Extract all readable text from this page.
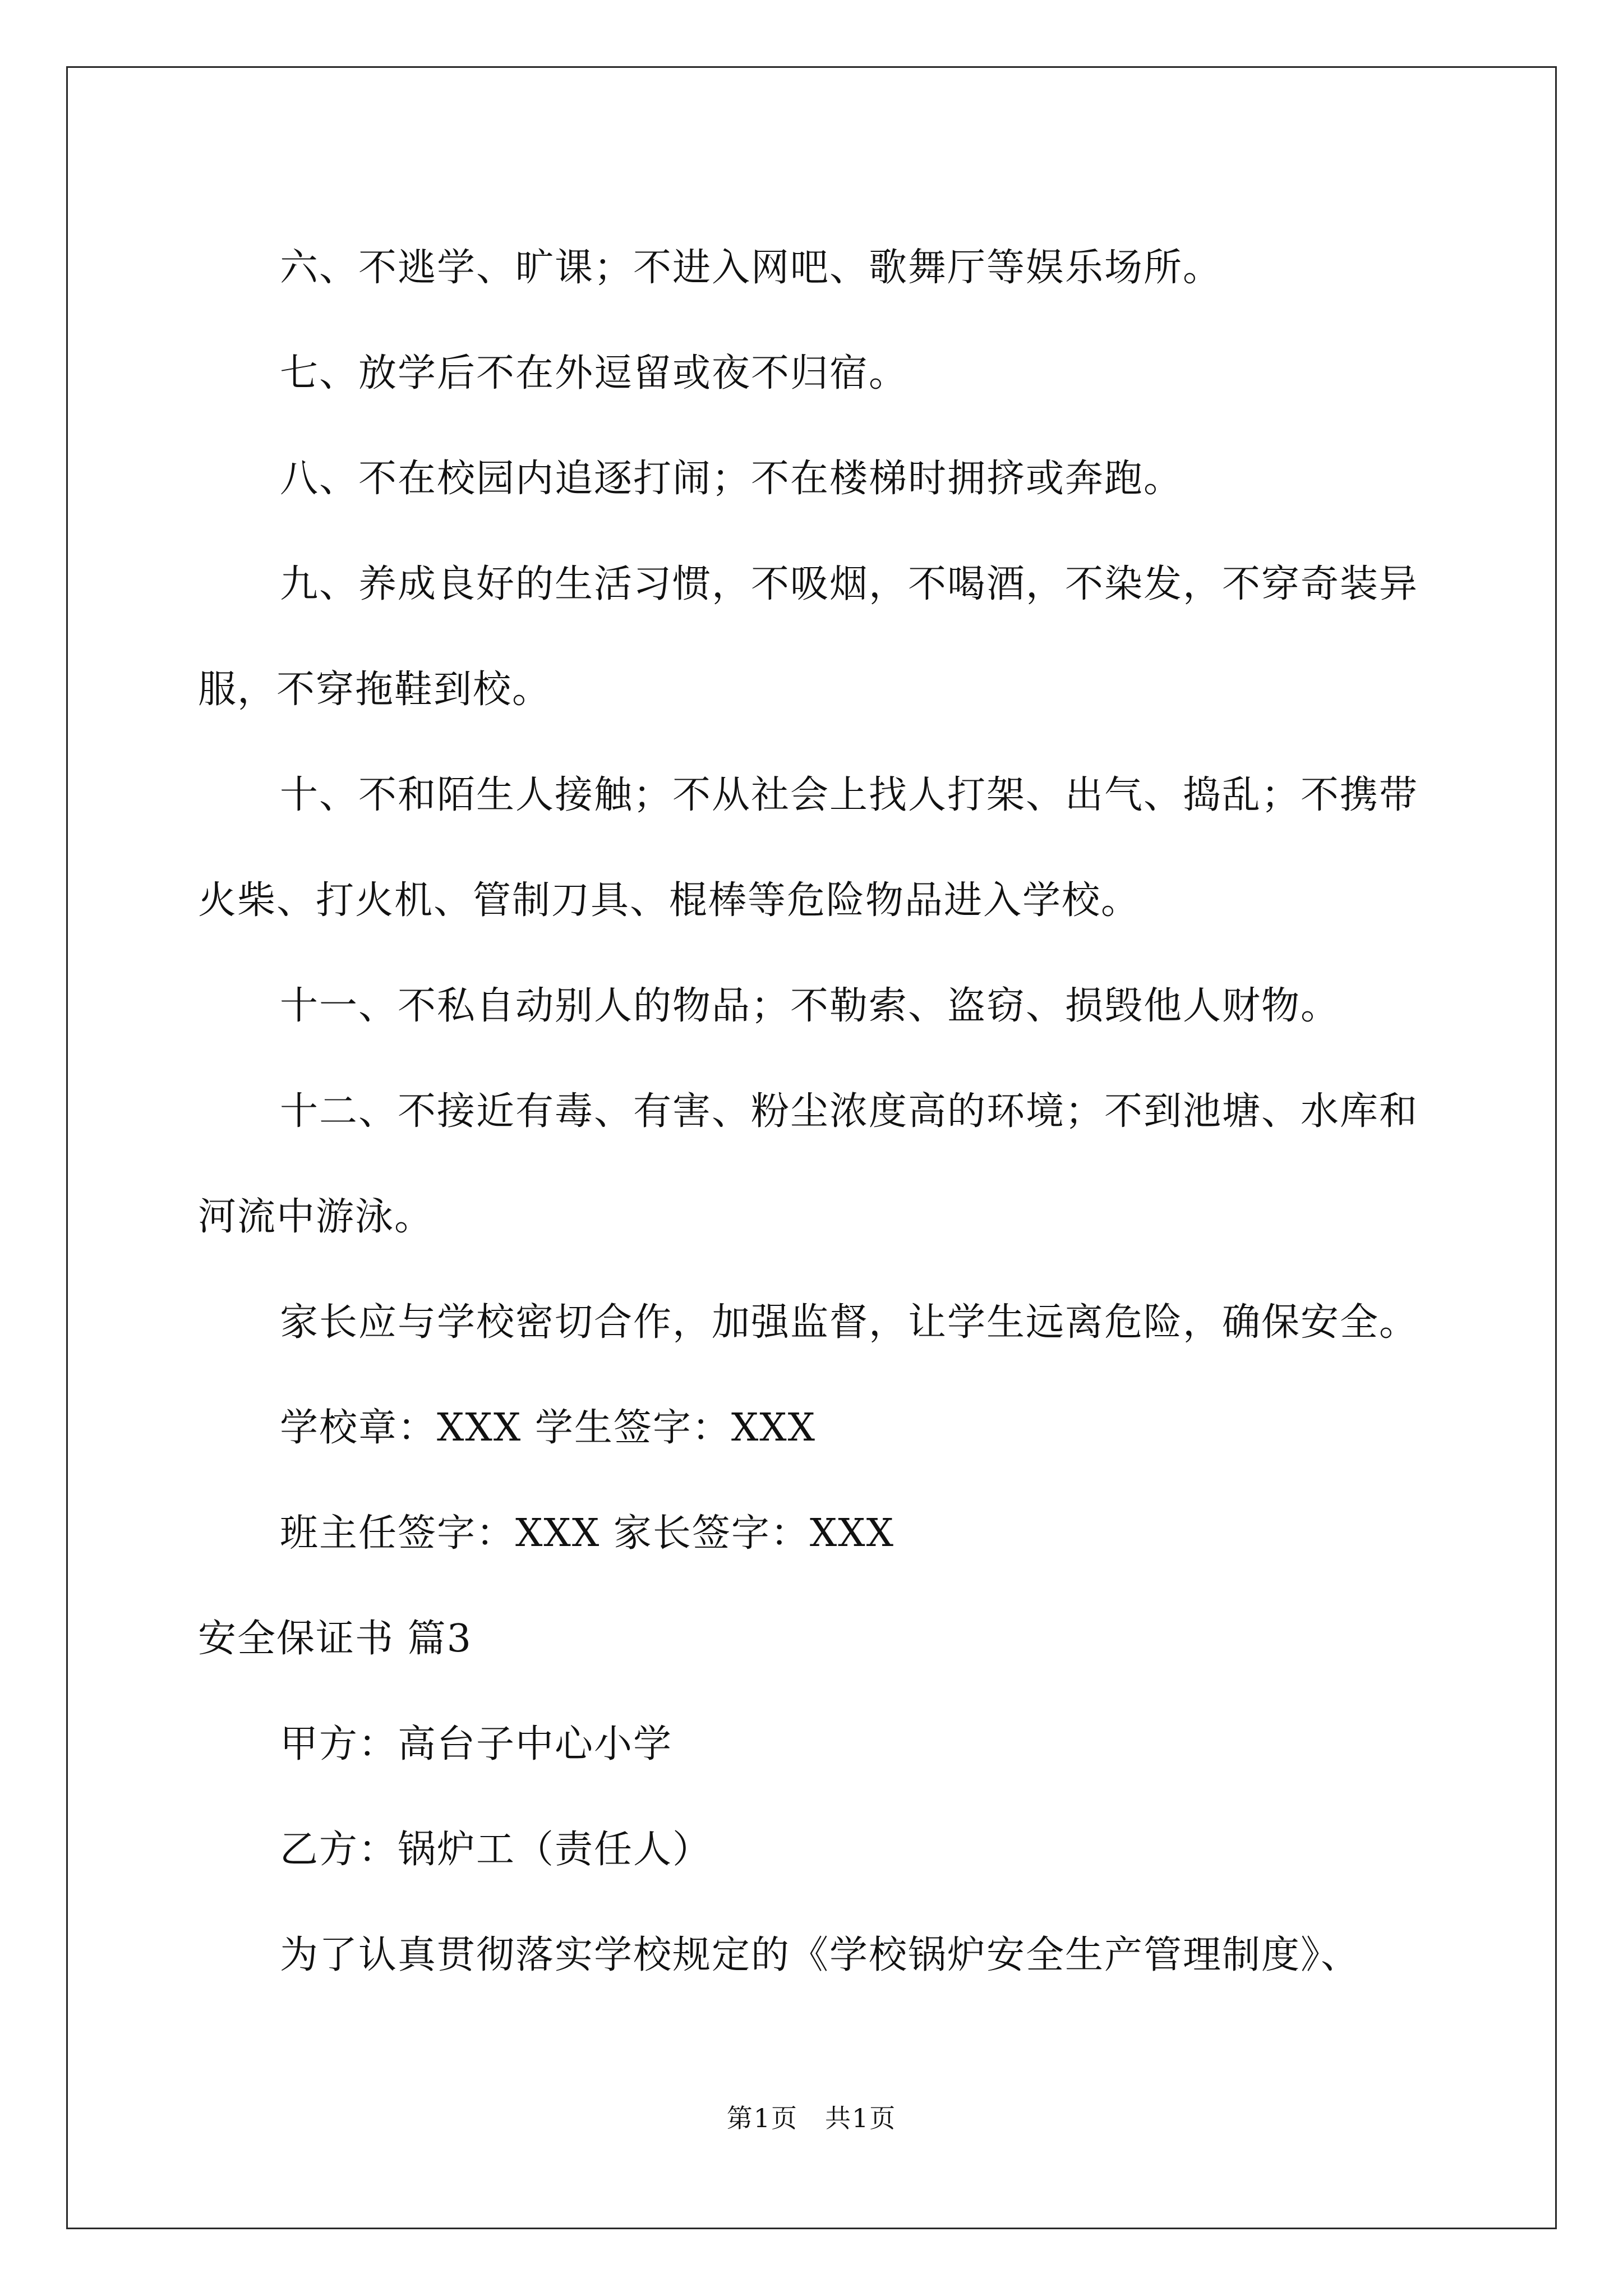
六、不逃学、旷课；不进入网吧、歌舞厅等娱乐场所。

七、放学后不在外逗留或夜不归宿。

八、不在校园内追逐打闹；不在楼梯时拥挤或奔跑。

九、养成良好的生活习惯，不吸烟，不喝酒，不染发，不穿奇装异服，不穿拖鞋到校。

十、不和陌生人接触；不从社会上找人打架、出气、捣乱；不携带火柴、打火机、管制刀具、棍棒等危险物品进入学校。

十一、不私自动别人的物品；不勒索、盗窃、损毁他人财物。

十二、不接近有毒、有害、粉尘浓度高的环境；不到池塘、水库和河流中游泳。

家长应与学校密切合作，加强监督，让学生远离危险，确保安全。

学校章：XXX 学生签字：XXX

班主任签字：XXX 家长签字：XXX

安全保证书 篇3

甲方：高台子中心小学

乙方：锅炉工（责任人）

为了认真贯彻落实学校规定的《学校锅炉安全生产管理制度》、

第1页　共1页
